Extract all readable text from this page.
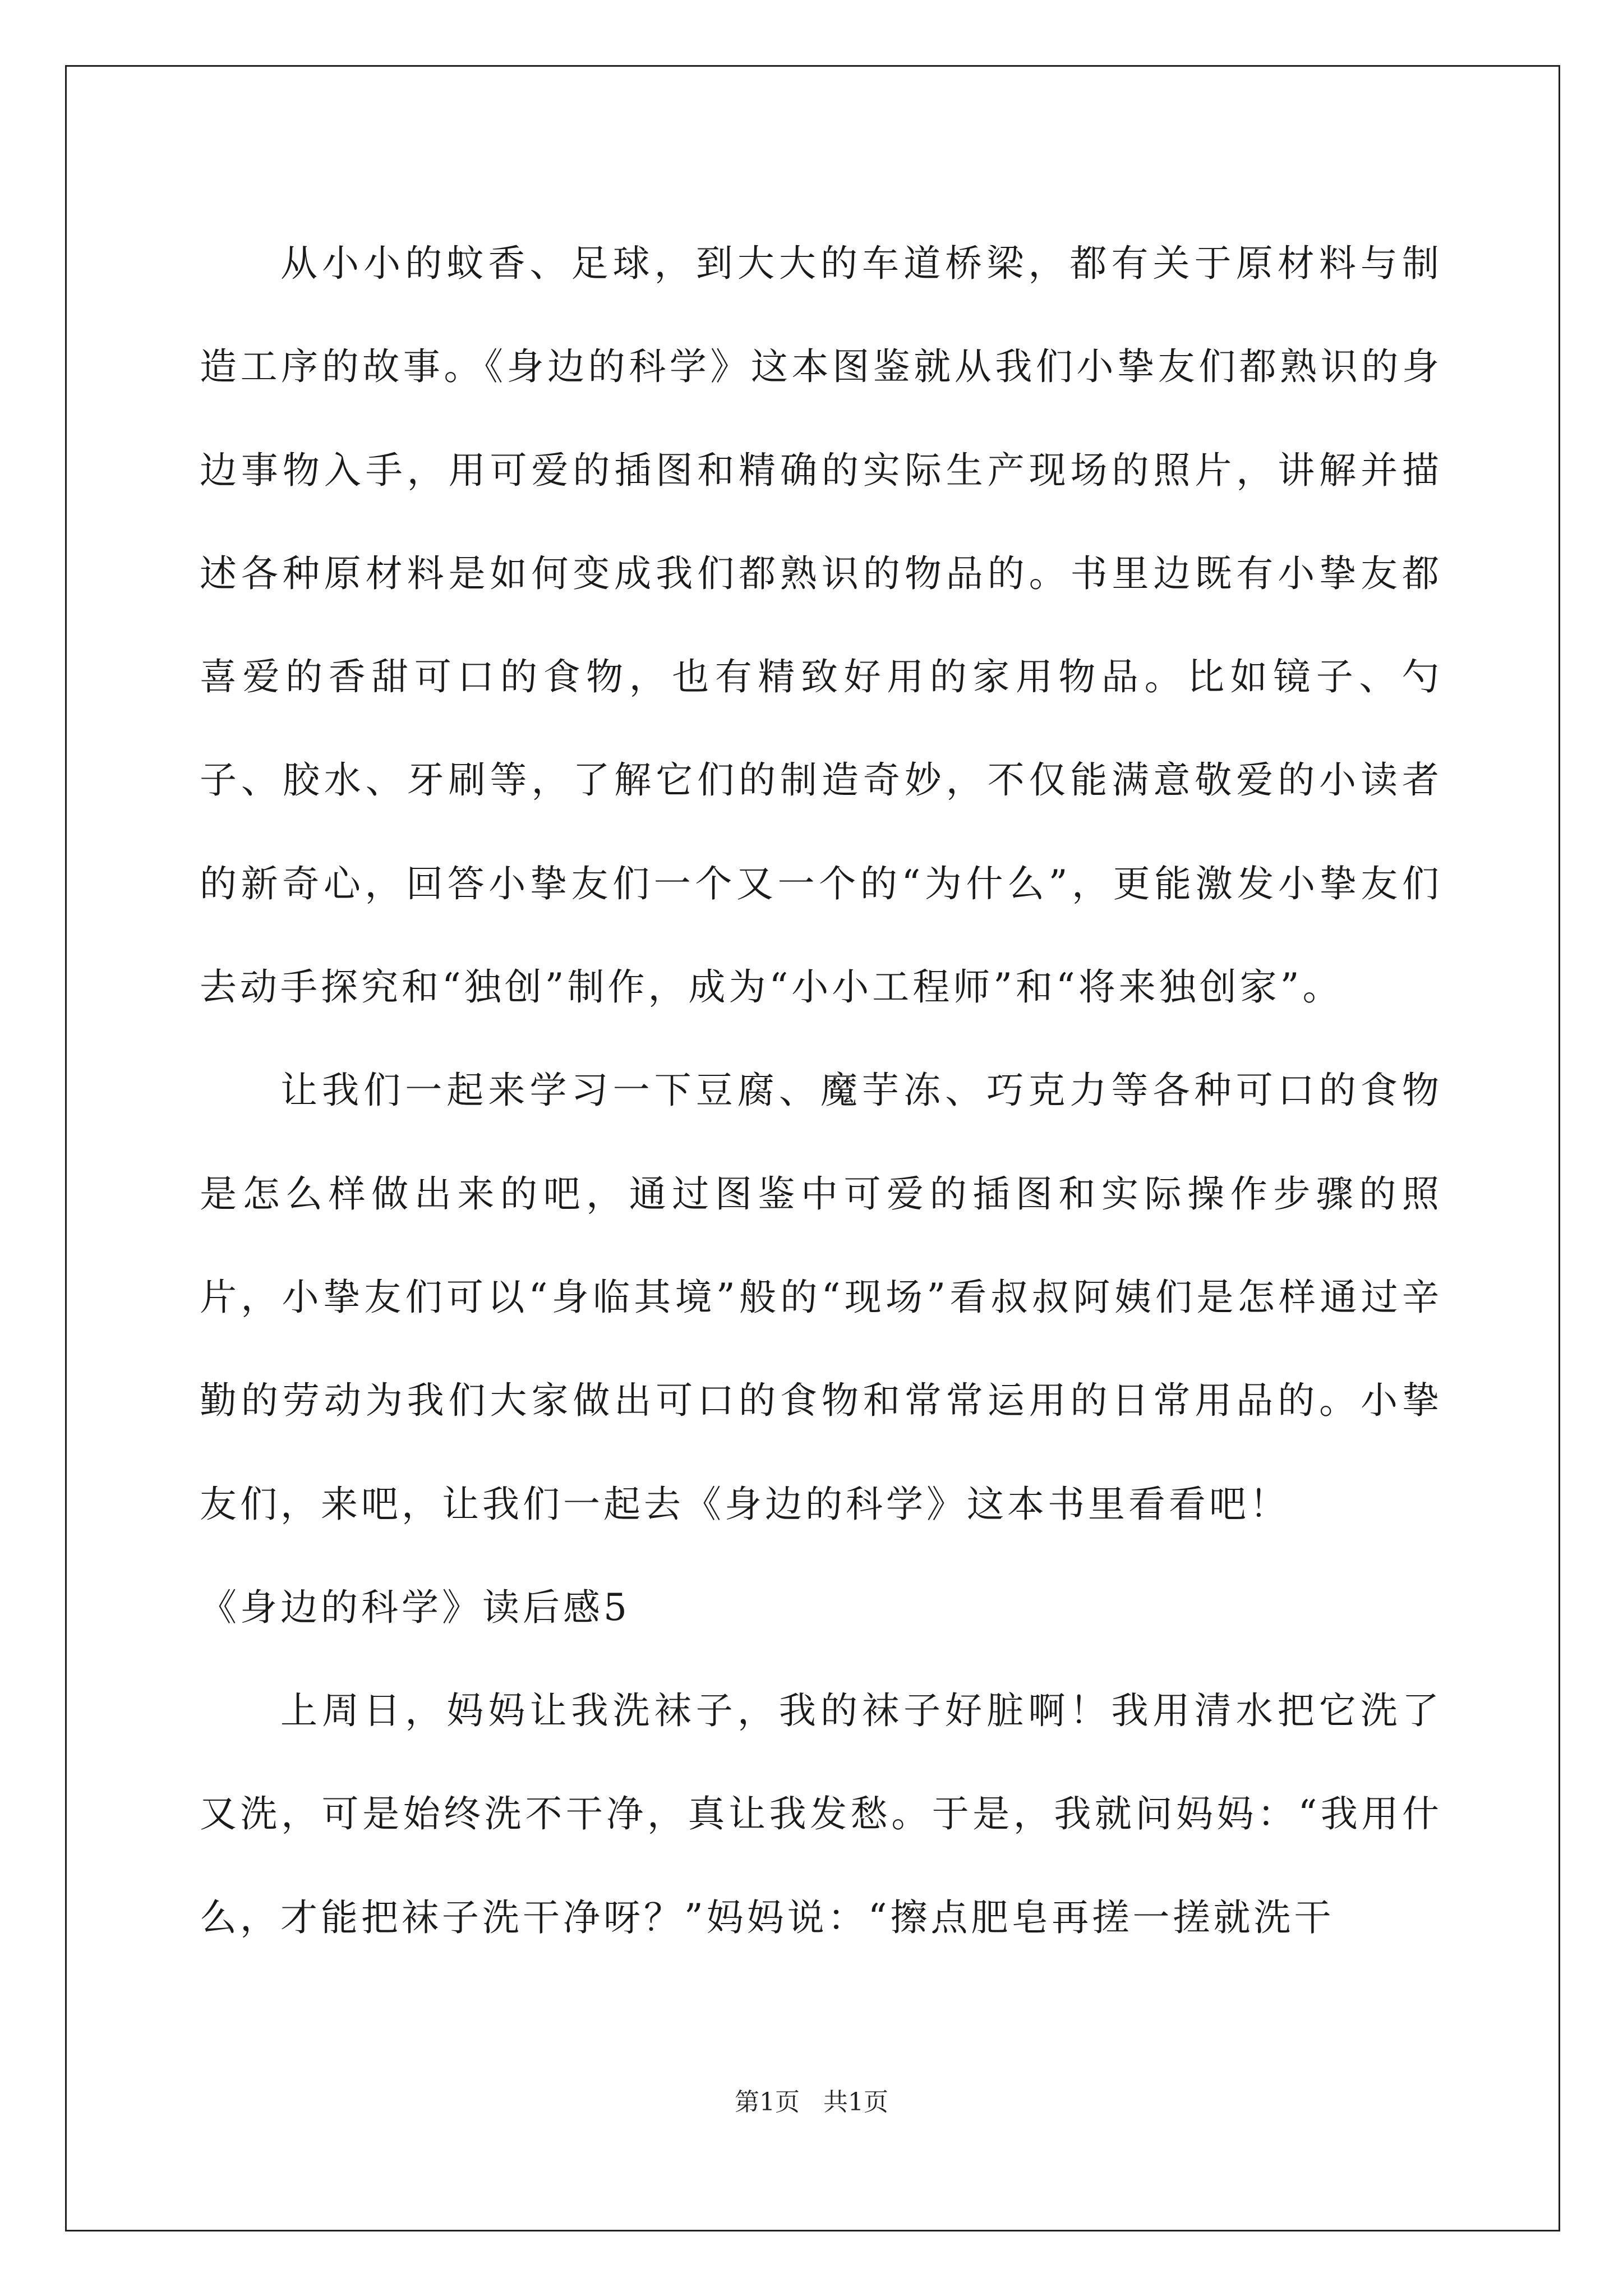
从小小的蚊香、足球，到大大的车道桥梁，都有关于原材料与制造工序的故事。《身边的科学》这本图鉴就从我们小挚友们都熟识的身边事物入手，用可爱的插图和精确的实际生产现场的照片，讲解并描述各种原材料是如何变成我们都熟识的物品的。书里边既有小挚友都喜爱的香甜可口的食物，也有精致好用的家用物品。比如镜子、勺子、胶水、牙刷等，了解它们的制造奇妙，不仅能满意敬爱的小读者的新奇心，回答小挚友们一个又一个的“为什么”，更能激发小挚友们去动手探究和“独创”制作，成为“小小工程师”和“将来独创家”。

让我们一起来学习一下豆腐、魔芋冻、巧克力等各种可口的食物是怎么样做出来的吧，通过图鉴中可爱的插图和实际操作步骤的照片，小挚友们可以“身临其境”般的“现场”看叔叔阿姨们是怎样通过辛勤的劳动为我们大家做出可口的食物和常常运用的日常用品的。小挚友们，来吧，让我们一起去《身边的科学》这本书里看看吧！

《身边的科学》读后感5

上周日，妈妈让我洗袜子，我的袜子好脏啊！我用清水把它洗了又洗，可是始终洗不干净，真让我发愁。于是，我就问妈妈：“我用什么，才能把袜子洗干净呀？”妈妈说：“擦点肥皂再搓一搓就洗干

第1页 共1页
